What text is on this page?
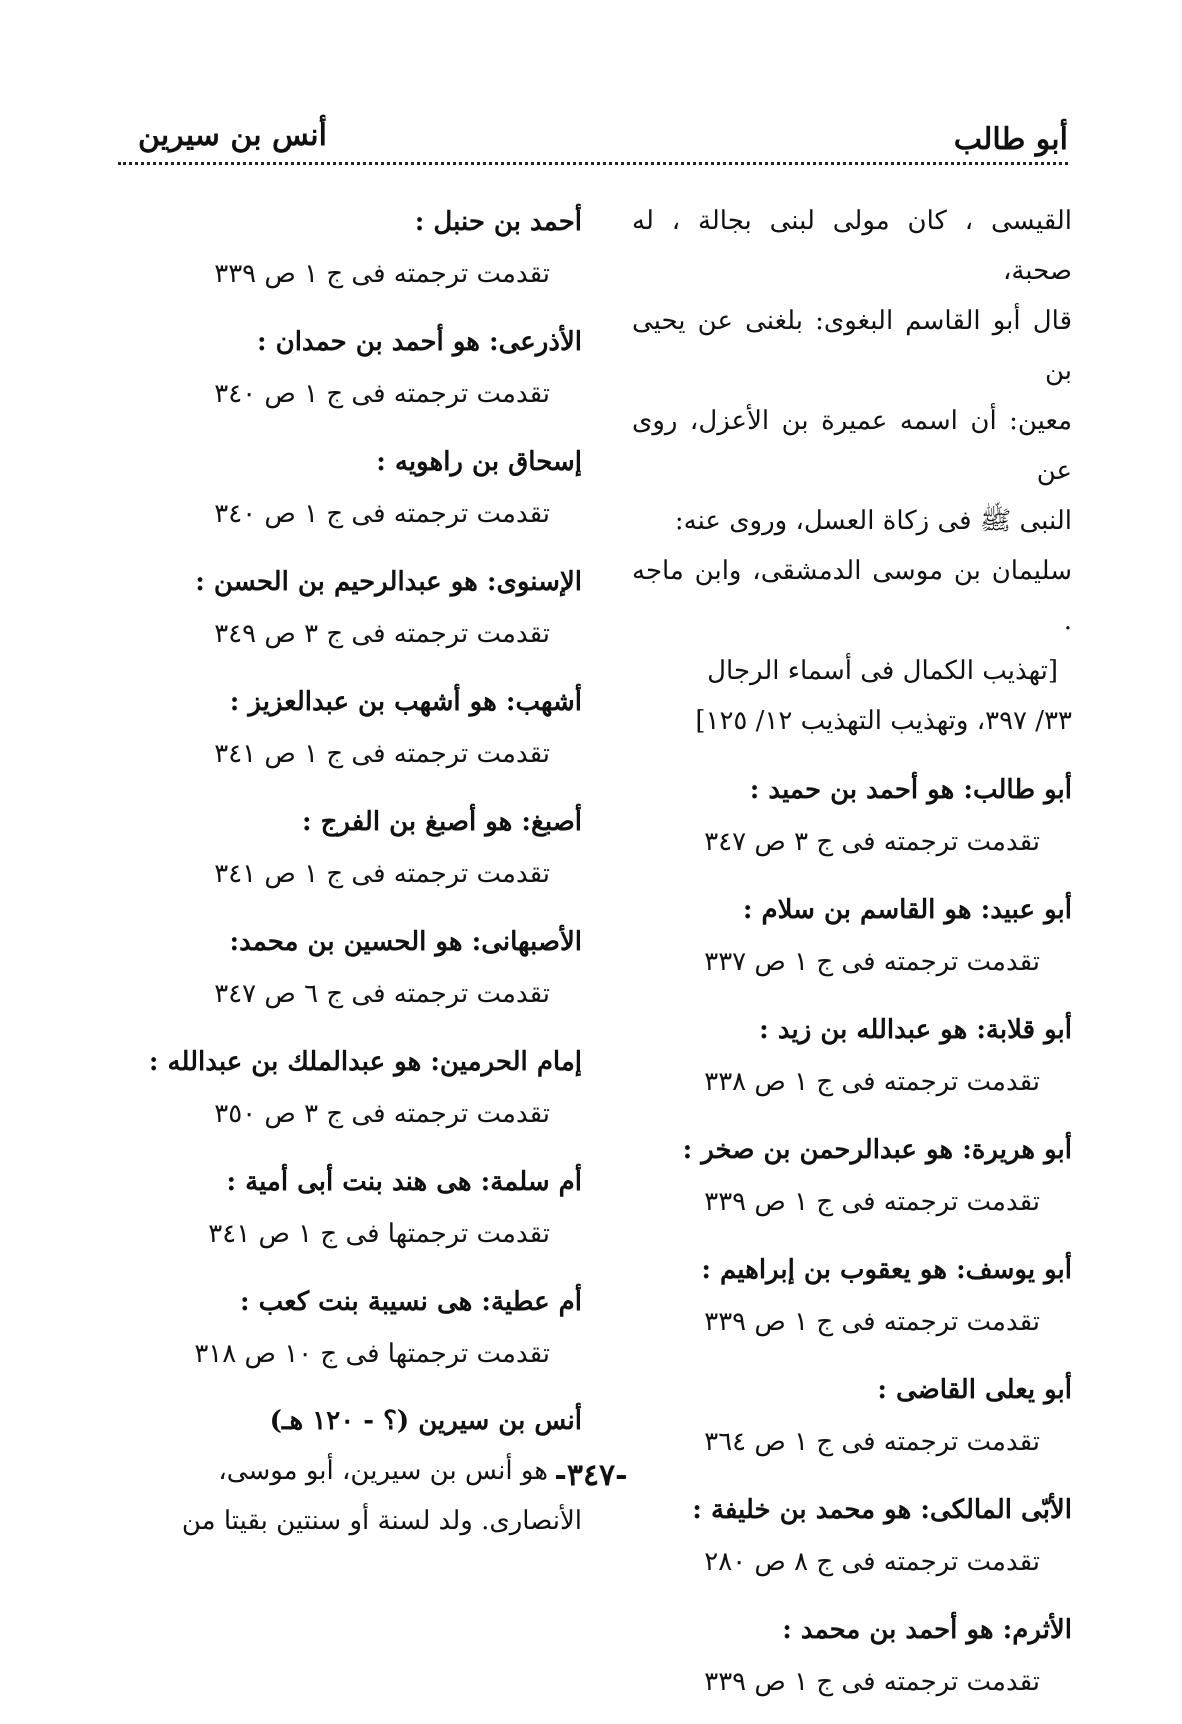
أبو طالب
أنس بن سيرين

القيسى ، كان مولى لبنى بجالة ، له صحبة،

قال أبو القاسم البغوى: بلغنى عن يحيى بن

معين: أن اسمه عميرة بن الأعزل، روى عن

النبى ﷺ فى زكاة العسل، وروى عنه:

سليمان بن موسى الدمشقى، وابن ماجه .

[تهذيب الكمال فى أسماء الرجال

٣٣/ ٣٩٧، وتهذيب التهذيب ١٢/ ١٢٥]

أبو طالب: هو أحمد بن حميد :
تقدمت ترجمته فى ج ٣ ص ٣٤٧
أبو عبيد: هو القاسم بن سلام :
تقدمت ترجمته فى ج ١ ص ٣٣٧
أبو قلابة: هو عبدالله بن زيد :
تقدمت ترجمته فى ج ١ ص ٣٣٨
أبو هريرة: هو عبدالرحمن بن صخر :
تقدمت ترجمته فى ج ١ ص ٣٣٩
أبو يوسف: هو يعقوب بن إبراهيم :
تقدمت ترجمته فى ج ١ ص ٣٣٩
أبو يعلى القاضى :
تقدمت ترجمته فى ج ١ ص ٣٦٤
الأبّى المالكى: هو محمد بن خليفة :
تقدمت ترجمته فى ج ٨ ص ٢٨٠
الأثرم: هو أحمد بن محمد :
تقدمت ترجمته فى ج ١ ص ٣٣٩
أحمد بن حنبل :
تقدمت ترجمته فى ج ١ ص ٣٣٩
الأذرعى: هو أحمد بن حمدان :
تقدمت ترجمته فى ج ١ ص ٣٤٠
إسحاق بن راهويه :
تقدمت ترجمته فى ج ١ ص ٣٤٠
الإسنوى: هو عبدالرحيم بن الحسن :
تقدمت ترجمته فى ج ٣ ص ٣٤٩
أشهب: هو أشهب بن عبدالعزيز :
تقدمت ترجمته فى ج ١ ص ٣٤١
أصبغ: هو أصبغ بن الفرج :
تقدمت ترجمته فى ج ١ ص ٣٤١
الأصبهانى: هو الحسين بن محمد:
تقدمت ترجمته فى ج ٦ ص ٣٤٧
إمام الحرمين: هو عبدالملك بن عبدالله :
تقدمت ترجمته فى ج ٣ ص ٣٥٠
أم سلمة: هى هند بنت أبى أمية :
تقدمت ترجمتها فى ج ١ ص ٣٤١
أم عطية: هى نسيبة بنت كعب :
تقدمت ترجمتها فى ج ١٠ ص ٣١٨
أنس بن سيرين (؟ - ١٢٠ هـ)

هو أنس بن سيرين، أبو موسى،

الأنصارى. ولد لسنة أو سنتين بقيتا من

-٣٤٧-
